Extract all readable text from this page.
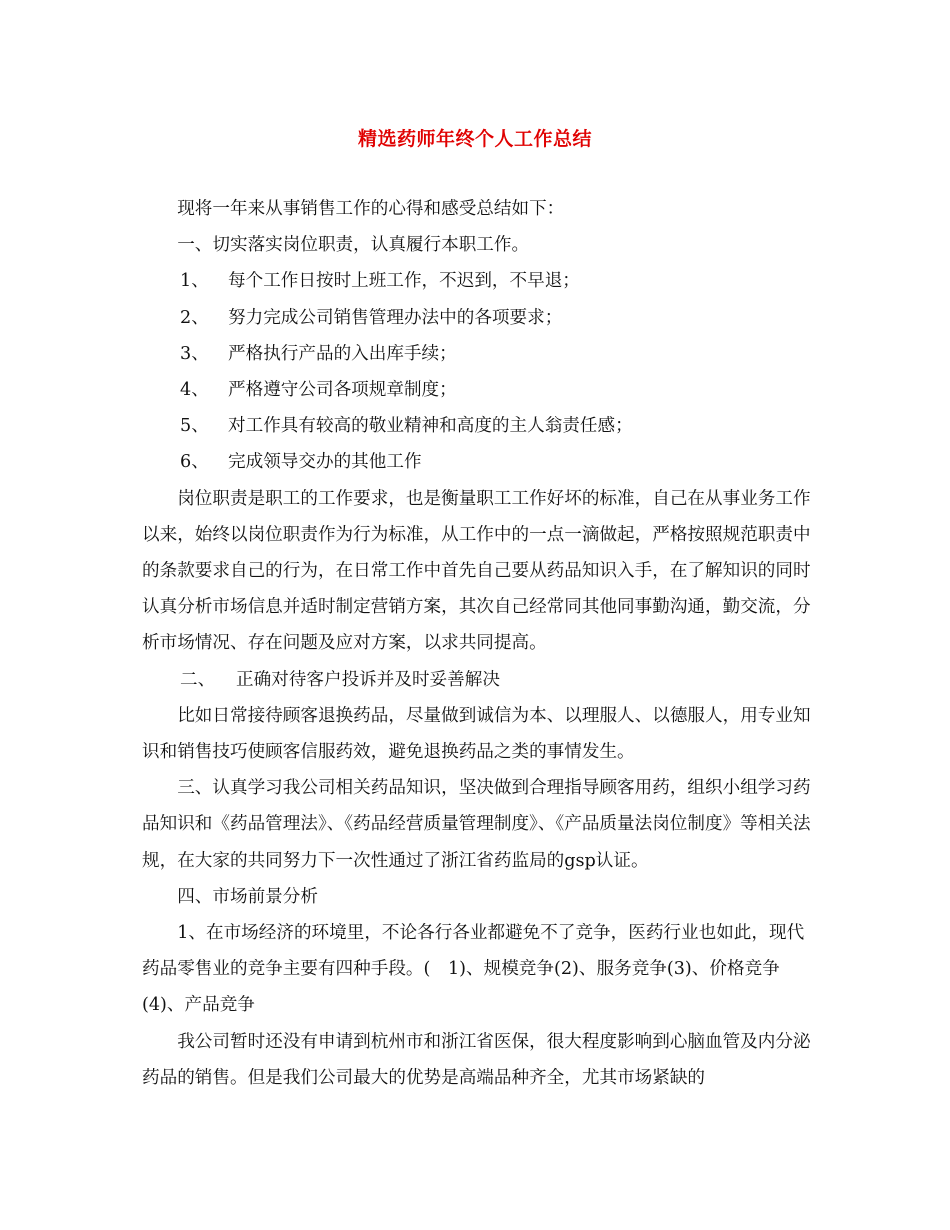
精选药师年终个人工作总结

现将一年来从事销售工作的心得和感受总结如下：

一、切实落实岗位职责，认真履行本职工作。

1、 每个工作日按时上班工作，不迟到，不早退；

2、 努力完成公司销售管理办法中的各项要求；

3、 严格执行产品的入出库手续；

4、 严格遵守公司各项规章制度；

5、 对工作具有较高的敬业精神和高度的主人翁责任感；

6、 完成领导交办的其他工作

岗位职责是职工的工作要求，也是衡量职工工作好坏的标准，自己在从事业务工作以来，始终以岗位职责作为行为标准，从工作中的一点一滴做起，严格按照规范职责中的条款要求自己的行为，在日常工作中首先自己要从药品知识入手，在了解知识的同时认真分析市场信息并适时制定营销方案，其次自己经常同其他同事勤沟通，勤交流，分析市场情况、存在问题及应对方案，以求共同提高。

二、 正确对待客户投诉并及时妥善解决

比如日常接待顾客退换药品，尽量做到诚信为本、以理服人、以德服人，用专业知识和销售技巧使顾客信服药效，避免退换药品之类的事情发生。

三、认真学习我公司相关药品知识，坚决做到合理指导顾客用药，组织小组学习药品知识和《药品管理法》、《药品经营质量管理制度》、《产品质量法岗位制度》等相关法规，在大家的共同努力下一次性通过了浙江省药监局的gsp认证。

四、市场前景分析

1、在市场经济的环境里，不论各行各业都避免不了竞争，医药行业也如此，现代药品零售业的竞争主要有四种手段。(　1)、规模竞争(2)、服务竞争(3)、价格竞争(4)、产品竞争

我公司暂时还没有申请到杭州市和浙江省医保，很大程度影响到心脑血管及内分泌药品的销售。但是我们公司最大的优势是高端品种齐全，尤其市场紧缺的
